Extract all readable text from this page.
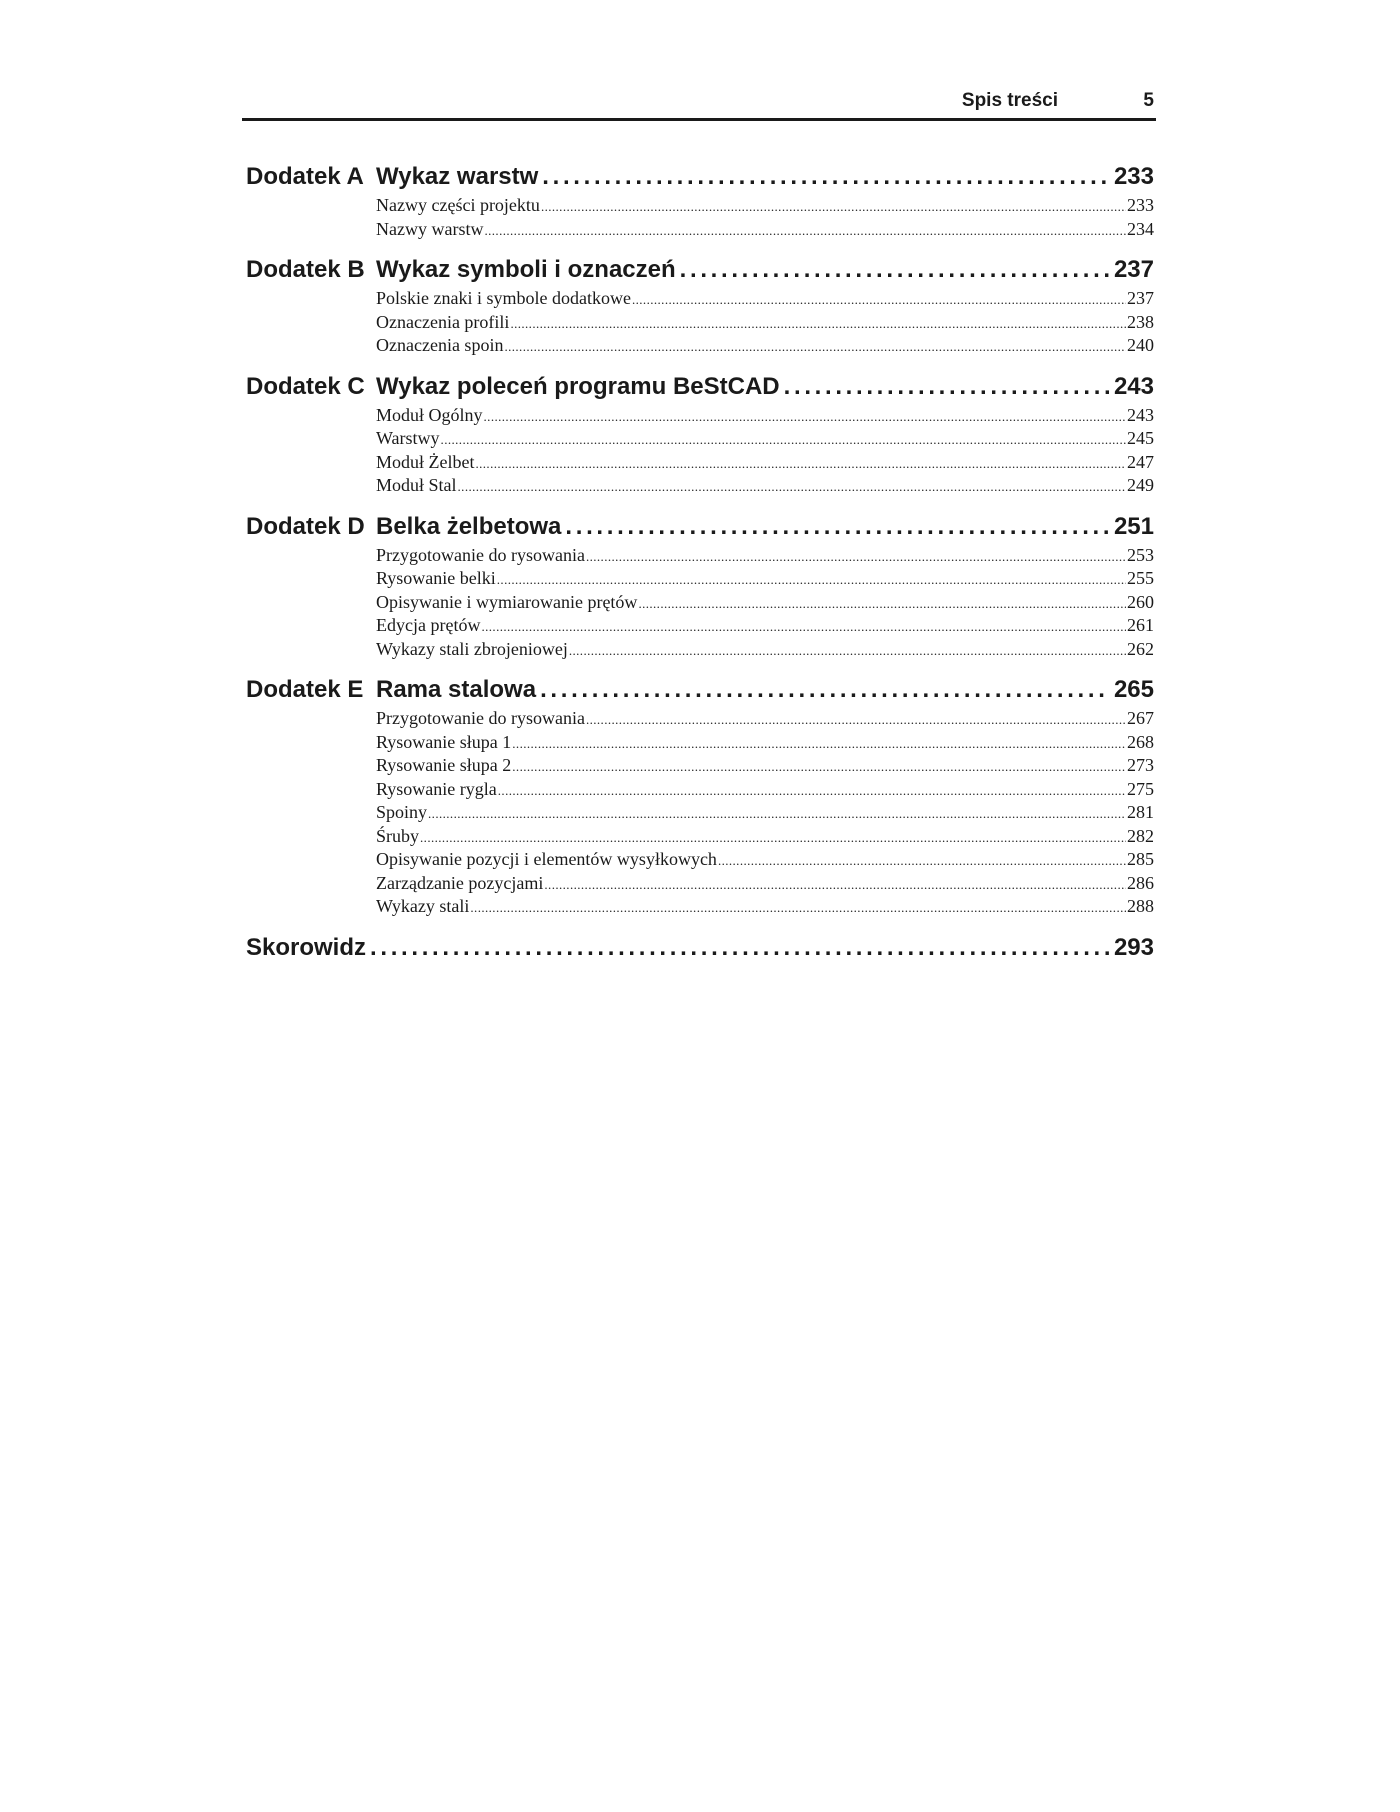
Spis treści	5
Dodatek A Wykaz warstw . . .	233
Nazwy części projektu .....	233
Nazwy warstw .....	234
Dodatek B Wykaz symboli i oznaczeń . . .	237
Polskie znaki i symbole dodatkowe .....	237
Oznaczenia profili .....	238
Oznaczenia spoin .....	240
Dodatek C Wykaz poleceń programu BeStCAD . . .	243
Moduł Ogólny .....	243
Warstwy .....	245
Moduł Żelbet .....	247
Moduł Stal .....	249
Dodatek D Belka żelbetowa . . .	251
Przygotowanie do rysowania .....	253
Rysowanie belki .....	255
Opisywanie i wymiarowanie prętów .....	260
Edycja prętów .....	261
Wykazy stali zbrojeniowej .....	262
Dodatek E Rama stalowa . . .	265
Przygotowanie do rysowania .....	267
Rysowanie słupa 1 .....	268
Rysowanie słupa 2 .....	273
Rysowanie rygla .....	275
Spoiny .....	281
Śruby .....	282
Opisywanie pozycji i elementów wysyłkowych .....	285
Zarządzanie pozycjami .....	286
Wykazy stali .....	288
Skorowidz . . .	293
